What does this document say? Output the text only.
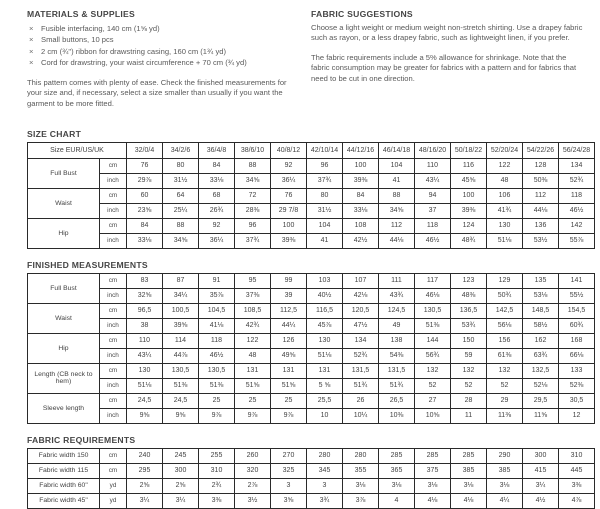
MATERIALS & SUPPLIES
× Fusible interfacing, 140 cm (1⅝ yd)
× Small buttons, 10 pcs
× 2 cm (¾") ribbon for drawstring casing, 160 cm (1¾ yd)
× Cord for drawstring, your waist circumference + 70 cm (¾ yd)

This pattern comes with plenty of ease. Check the finished measurements for your size and, if necessary, select a size smaller than usually if you want the garment to be more fitted.

FABRIC SUGGESTIONS

Choose a light weight or medium weight non-stretch shirting. Use a drapey fabric such as rayon, or a less drapey fabric, such as lightweight linen, if you prefer.

The fabric requirements include a 5% allowance for shrinkage. Note that the fabric consumption may be greater for fabrics with a pattern and for fabrics that need to be cut in one direction.

SIZE CHART
Size EUR/US/UK		32/0/4	34/2/6	36/4/8	38/6/10	40/8/12	42/10/14	44/12/16	46/14/18	48/16/20	50/18/22	52/20/24	54/22/26	56/24/28
Full Bust	cm	76	80	84	88	92	96	100	104	110	116	122	128	134
	inch	29⅞	31½	33⅛	34⅝	36¼	37¾	39⅜	41	43¼	45⅝	48	50⅜	52¾
Waist	cm	60	64	68	72	76	80	84	88	94	100	106	112	118
	inch	23⅝	25¼	26¾	28⅜	29 7/8	31½	33⅛	34⅝	37	39⅜	41¾	44⅛	46½
Hip	cm	84	88	92	96	100	104	108	112	118	124	130	136	142
	inch	33⅛	34⅝	36¼	37¾	39⅜	41	42½	44⅛	46½	48¾	51⅛	53½	55⅞
FINISHED MEASUREMENTS
Full Bust	cm	83	87	91	95	99	103	107	111	117	123	129	135	141
	inch	32⅝	34¼	35⅞	37⅜	39	40½	42⅛	43¾	46⅛	48⅜	50¾	53⅛	55½
Waist	cm	96,5	100,5	104,5	108,5	112,5	116,5	120,5	124,5	130,5	136,5	142,5	148,5	154,5
	inch	38	39⅝	41⅛	42¾	44¼	45⅞	47½	49	51⅜	53¾	56⅛	58½	60¾
Hip	cm	110	114	118	122	126	130	134	138	144	150	156	162	168
	inch	43¼	44⅞	46½	48	49⅝	51⅛	52¾	54⅜	56¾	59	61⅜	63¾	66⅛
Length (CB neck to hem)	cm	130	130,5	130,5	131	131	131	131,5	131,5	132	132	132	132,5	133
	inch	51⅛	51⅜	51⅜	51⅝	51⅝	5 ⅝	51¾	51¾	52	52	52	52⅛	52⅜
Sleeve length	cm	24,5	24,5	25	25	25	25,5	26	26,5	27	28	29	29,5	30,5
	inch	9⅝	9⅝	9⅞	9⅞	9⅞	10	10¼	10⅜	10⅝	11	11⅜	11⅝	12
FABRIC REQUIREMENTS
Fabric width 150	cm	240	245	255	260	270	280	280	285	285	285	290	300	310
Fabric width 115	cm	295	300	310	320	325	345	355	365	375	385	385	415	445
Fabric width 60"	yd	2⅝	2⅝	2¾	2⅞	3	3	3⅛	3⅛	3⅛	3⅛	3⅛	3¼	3⅜
Fabric width 45"	yd	3¼	3¼	3⅜	3½	3⅝	3¾	3⅞	4	4⅛	4⅛	4¼	4½	4⅞
